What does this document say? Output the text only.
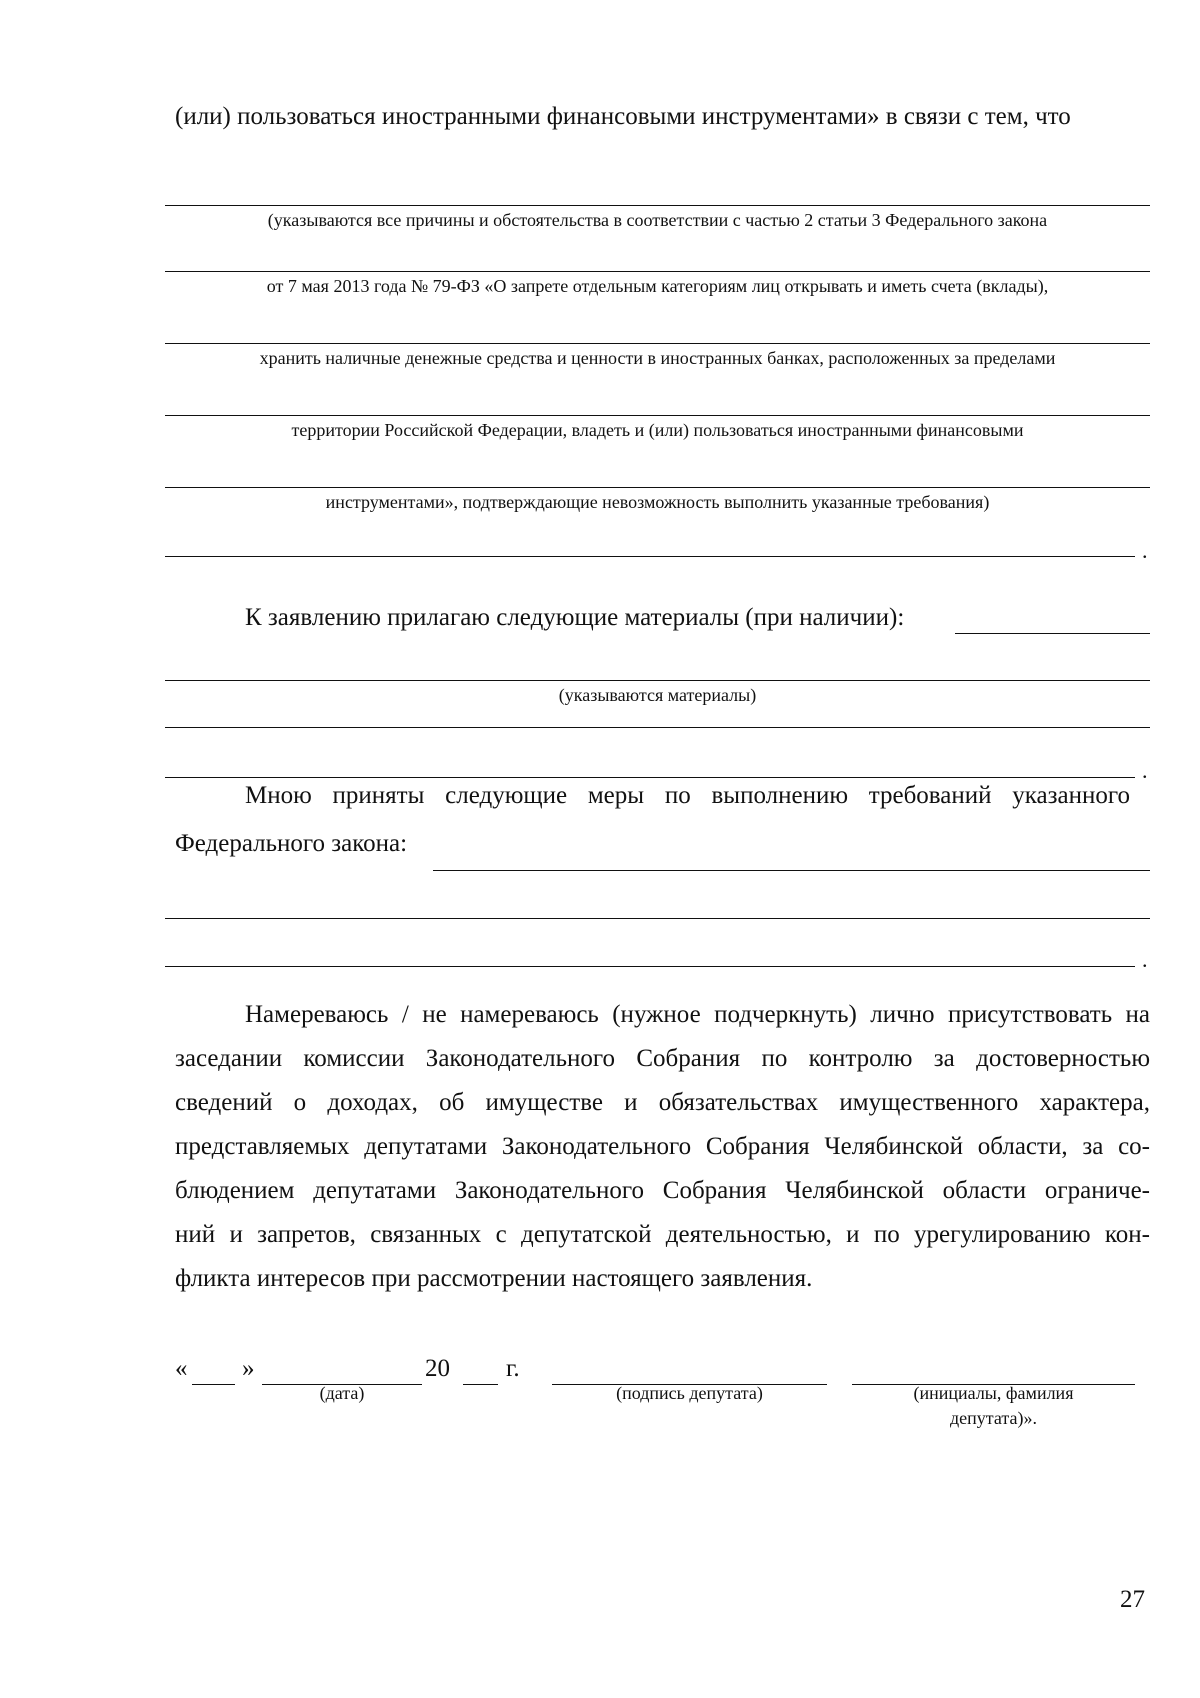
(или) пользоваться иностранными финансовыми инструментами» в связи с тем, что
(указываются все причины и обстоятельства в соответствии с частью 2 статьи 3 Федерального закона
от 7 мая 2013 года № 79-ФЗ «О запрете отдельным категориям лиц открывать и иметь счета (вклады),
хранить наличные денежные средства и ценности в иностранных банках, расположенных за пределами
территории Российской Федерации, владеть и (или) пользоваться иностранными финансовыми
инструментами», подтверждающие невозможность выполнить указанные требования)
.
К заявлению прилагаю следующие материалы (при наличии):
(указываются материалы)
.
Мною приняты следующие меры по выполнению требований указанного
Федерального закона:
.
Намереваюсь / не намереваюсь (нужное подчеркнуть) лично присутствовать на
заседании комиссии Законодательного Собрания по контролю за достоверностью
сведений о доходах, об имуществе и обязательствах имущественного характера,
представляемых депутатами Законодательного Собрания Челябинской области, за со-
блюдением депутатами Законодательного Собрания Челябинской области ограниче-
ний и запретов, связанных с депутатской деятельностью, и по урегулированию кон-
фликта интересов при рассмотрении настоящего заявления.
« »
(дата)
20 г.
(подпись депутата)	(инициалы, фамилия
депутата)».
27
